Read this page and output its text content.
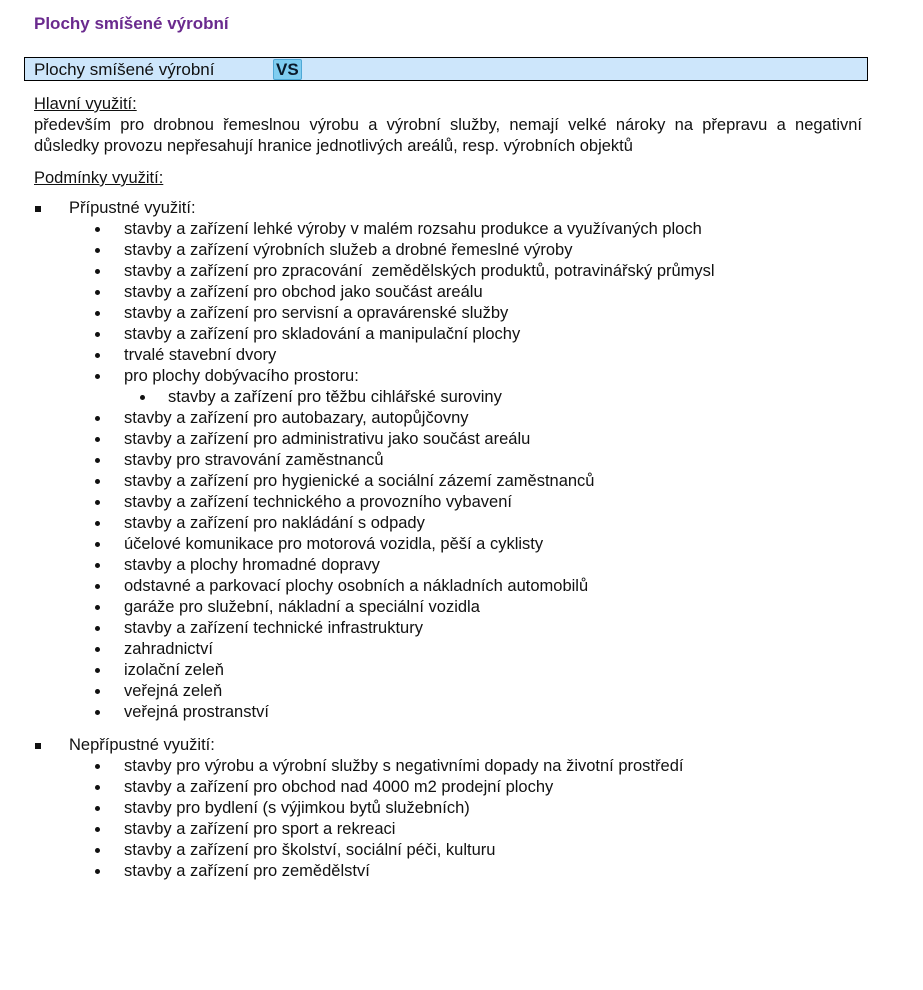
Plochy smíšené výrobní
Plochy smíšené výrobní	VS
Hlavní využití:
především pro drobnou řemeslnou výrobu a výrobní služby, nemají velké nároky na přepravu a negativní důsledky provozu nepřesahují hranice jednotlivých areálů, resp. výrobních objektů
Podmínky využití:
Přípustné využití:
stavby a zařízení lehké výroby v malém rozsahu produkce a využívaných ploch
stavby a zařízení výrobních služeb a drobné řemeslné výroby
stavby a zařízení pro zpracování  zemědělských produktů, potravinářský průmysl
stavby a zařízení pro obchod jako součást areálu
stavby a zařízení pro servisní a opravárenské služby
stavby a zařízení pro skladování a manipulační plochy
trvalé stavební dvory
pro plochy dobývacího prostoru:
stavby a zařízení pro těžbu cihlářské suroviny
stavby a zařízení pro autobazary, autopůjčovny
stavby a zařízení pro administrativu jako součást areálu
stavby pro stravování zaměstnanců
stavby a zařízení pro hygienické a sociální zázemí zaměstnanců
stavby a zařízení technického a provozního vybavení
stavby a zařízení pro nakládání s odpady
účelové komunikace pro motorová vozidla, pěší a cyklisty
stavby a plochy hromadné dopravy
odstavné a parkovací plochy osobních a nákladních automobilů
garáže pro služební, nákladní a speciální vozidla
stavby a zařízení technické infrastruktury
zahradnictví
izolační zeleň
veřejná zeleň
veřejná prostranství
Nepřípustné využití:
stavby pro výrobu a výrobní služby s negativními dopady na životní prostředí
stavby a zařízení pro obchod nad 4000 m2 prodejní plochy
stavby pro bydlení (s výjimkou bytů služebních)
stavby a zařízení pro sport a rekreaci
stavby a zařízení pro školství, sociální péči, kulturu
stavby a zařízení pro zemědělství
